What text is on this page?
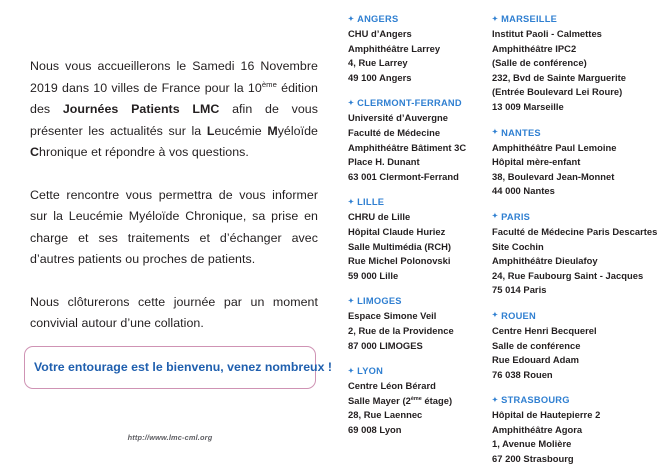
Nous vous accueillerons le Samedi 16 Novembre 2019 dans 10 villes de France pour la 10ème édition des Journées Patients LMC afin de vous présenter les actualités sur la Leucémie Myéloïde Chronique et répondre à vos questions.

Cette rencontre vous permettra de vous informer sur la Leucémie Myéloïde Chronique, sa prise en charge et ses traitements et d’échanger avec d’autres patients ou proches de patients.

Nous clôturerons cette journée par un moment convivial autour d’une collation.

Votre entourage est le bienvenu, venez nombreux !
http://www.lmc-cml.org
✦ ANGERS
CHU d’Angers
Amphithéâtre Larrey
4, Rue Larrey
49 100 Angers
✦ CLERMONT-FERRAND
Université d’Auvergne
Faculté de Médecine
Amphithéâtre Bâtiment 3C
Place H. Dunant
63 001 Clermont-Ferrand
✦ LILLE
CHRU de Lille
Hôpital Claude Huriez
Salle Multimédia (RCH)
Rue Michel Polonovski
59 000 Lille
✦ LIMOGES
Espace Simone Veil
2, Rue de la Providence
87 000 LIMOGES
✦ LYON
Centre Léon Bérard
Salle Mayer (2ème étage)
28, Rue Laennec
69 008 Lyon
✦ MARSEILLE
Institut Paoli - Calmettes
Amphithéâtre IPC2
(Salle de conférence)
232, Bvd de Sainte Marguerite
(Entrée Boulevard Lei Roure)
13 009 Marseille
✦ NANTES
Amphithéâtre Paul Lemoine
Hôpital mère-enfant
38, Boulevard Jean-Monnet
44 000 Nantes
✦ PARIS
Faculté de Médecine Paris Descartes
Site Cochin
Amphithéâtre Dieulafoy
24, Rue Faubourg Saint - Jacques
75 014 Paris
✦ ROUEN
Centre Henri Becquerel
Salle de conférence
Rue Edouard Adam
76 038 Rouen
✦ STRASBOURG
Hôpital de Hautepierre 2
Amphithéâtre Agora
1, Avenue Molière
67 200 Strasbourg
